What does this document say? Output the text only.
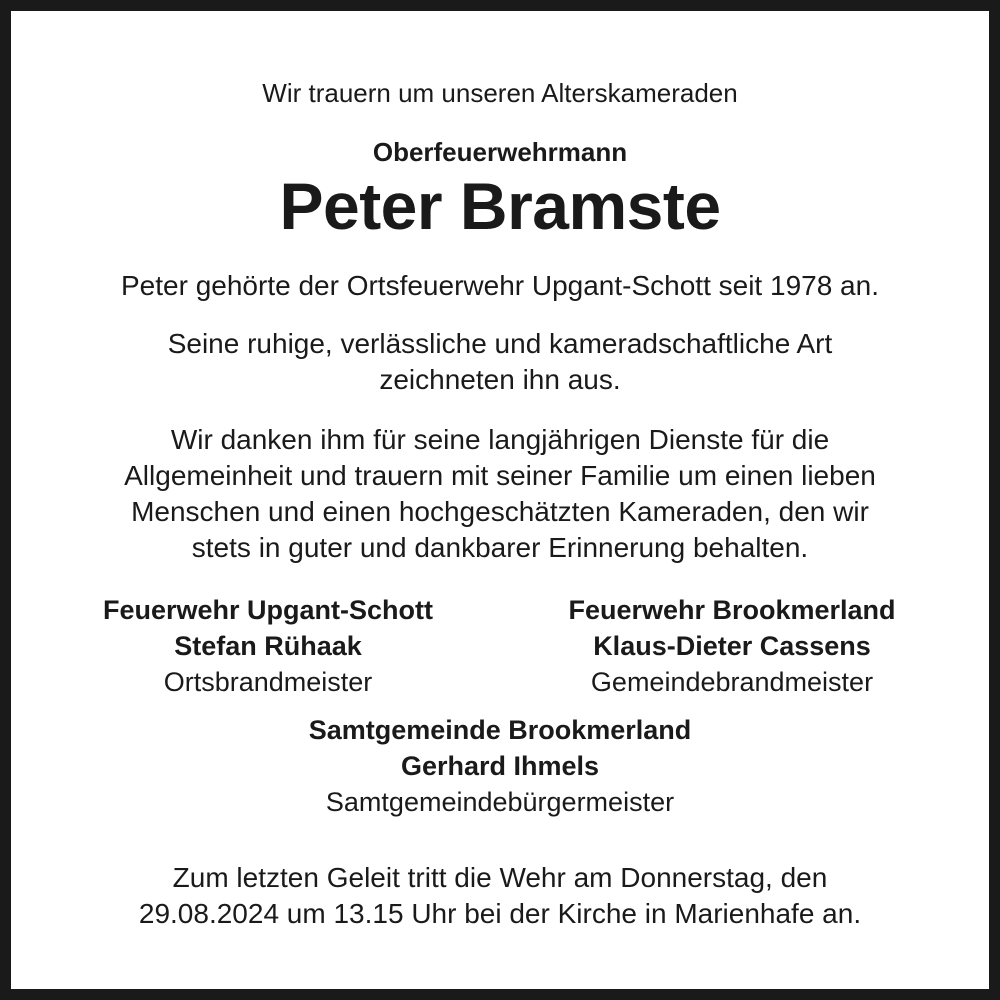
Wir trauern um unseren Alterskameraden
Oberfeuerwehrmann
Peter Bramste
Peter gehörte der Ortsfeuerwehr Upgant-Schott seit 1978 an.
Seine ruhige, verlässliche und kameradschaftliche Art
zeichneten ihn aus.
Wir danken ihm für seine langjährigen Dienste für die
Allgemeinheit und trauern mit seiner Familie um einen lieben
Menschen und einen hochgeschätzten Kameraden, den wir
stets in guter und dankbarer Erinnerung behalten.
Feuerwehr Upgant-Schott
Stefan Rühaak
Ortsbrandmeister
Feuerwehr Brookmerland
Klaus-Dieter Cassens
Gemeindebrandmeister
Samtgemeinde Brookmerland
Gerhard Ihmels
Samtgemeindebürgermeister
Zum letzten Geleit tritt die Wehr am Donnerstag, den
29.08.2024 um 13.15 Uhr bei der Kirche in Marienhafe an.
